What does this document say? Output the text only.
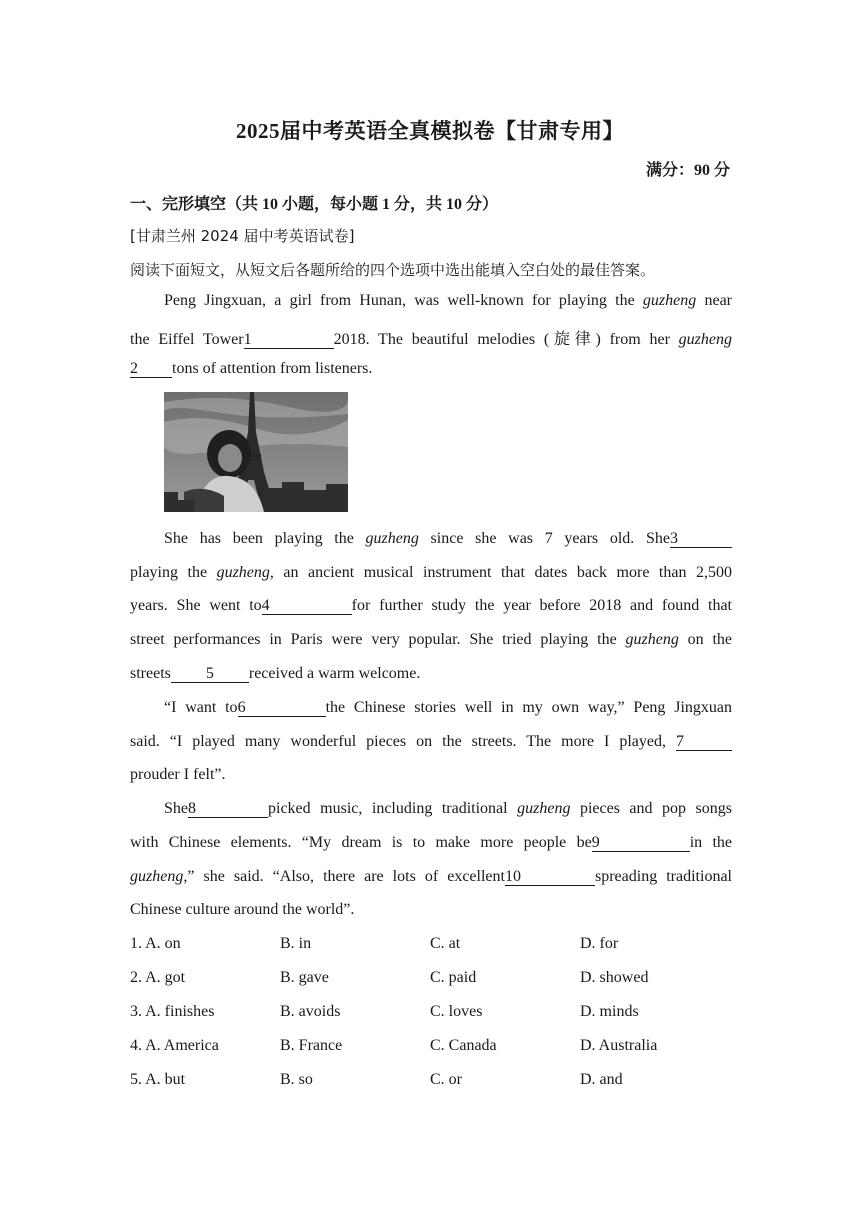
2025届中考英语全真模拟卷【甘肃专用】
满分：90 分
一、完形填空（共 10 小题，每小题 1 分，共 10 分）
[甘肃兰州 2024 届中考英语试卷]
阅读下面短文，从短文后各题所给的四个选项中选出能填入空白处的最佳答案。
Peng Jingxuan, a girl from Hunan, was well-known for playing the guzheng near
the Eiffel Tower1	2018. The beautiful melodies (旋律) from her guzheng
2 tons of attention from listeners.
She has been playing the guzheng since she was 7 years old. She3
playing the guzheng, an ancient musical instrument that dates back more than 2,500
years. She went to4	for further study the year before 2018 and found that
street performances in Paris were very popular. She tried playing the guzheng on the
streets 5 received a warm welcome.
“I want to6	the Chinese stories well in my own way,” Peng Jingxuan
said. “I played many wonderful pieces on the streets. The more I played, 7
prouder I felt”.
She8	picked music, including traditional guzheng pieces and pop songs
with Chinese elements. “My dream is to make more people be9	in the
guzheng,” she said. “Also, there are lots of excellent10	spreading traditional
Chinese culture around the world”.
1. A. on	B. in	C. at	D. for
2. A. got	B. gave	C. paid	D. showed
3. A. finishes	B. avoids	C. loves	D. minds
4. A. America	B. France	C. Canada	D. Australia
5. A. but	B. so	C. or	D. and
